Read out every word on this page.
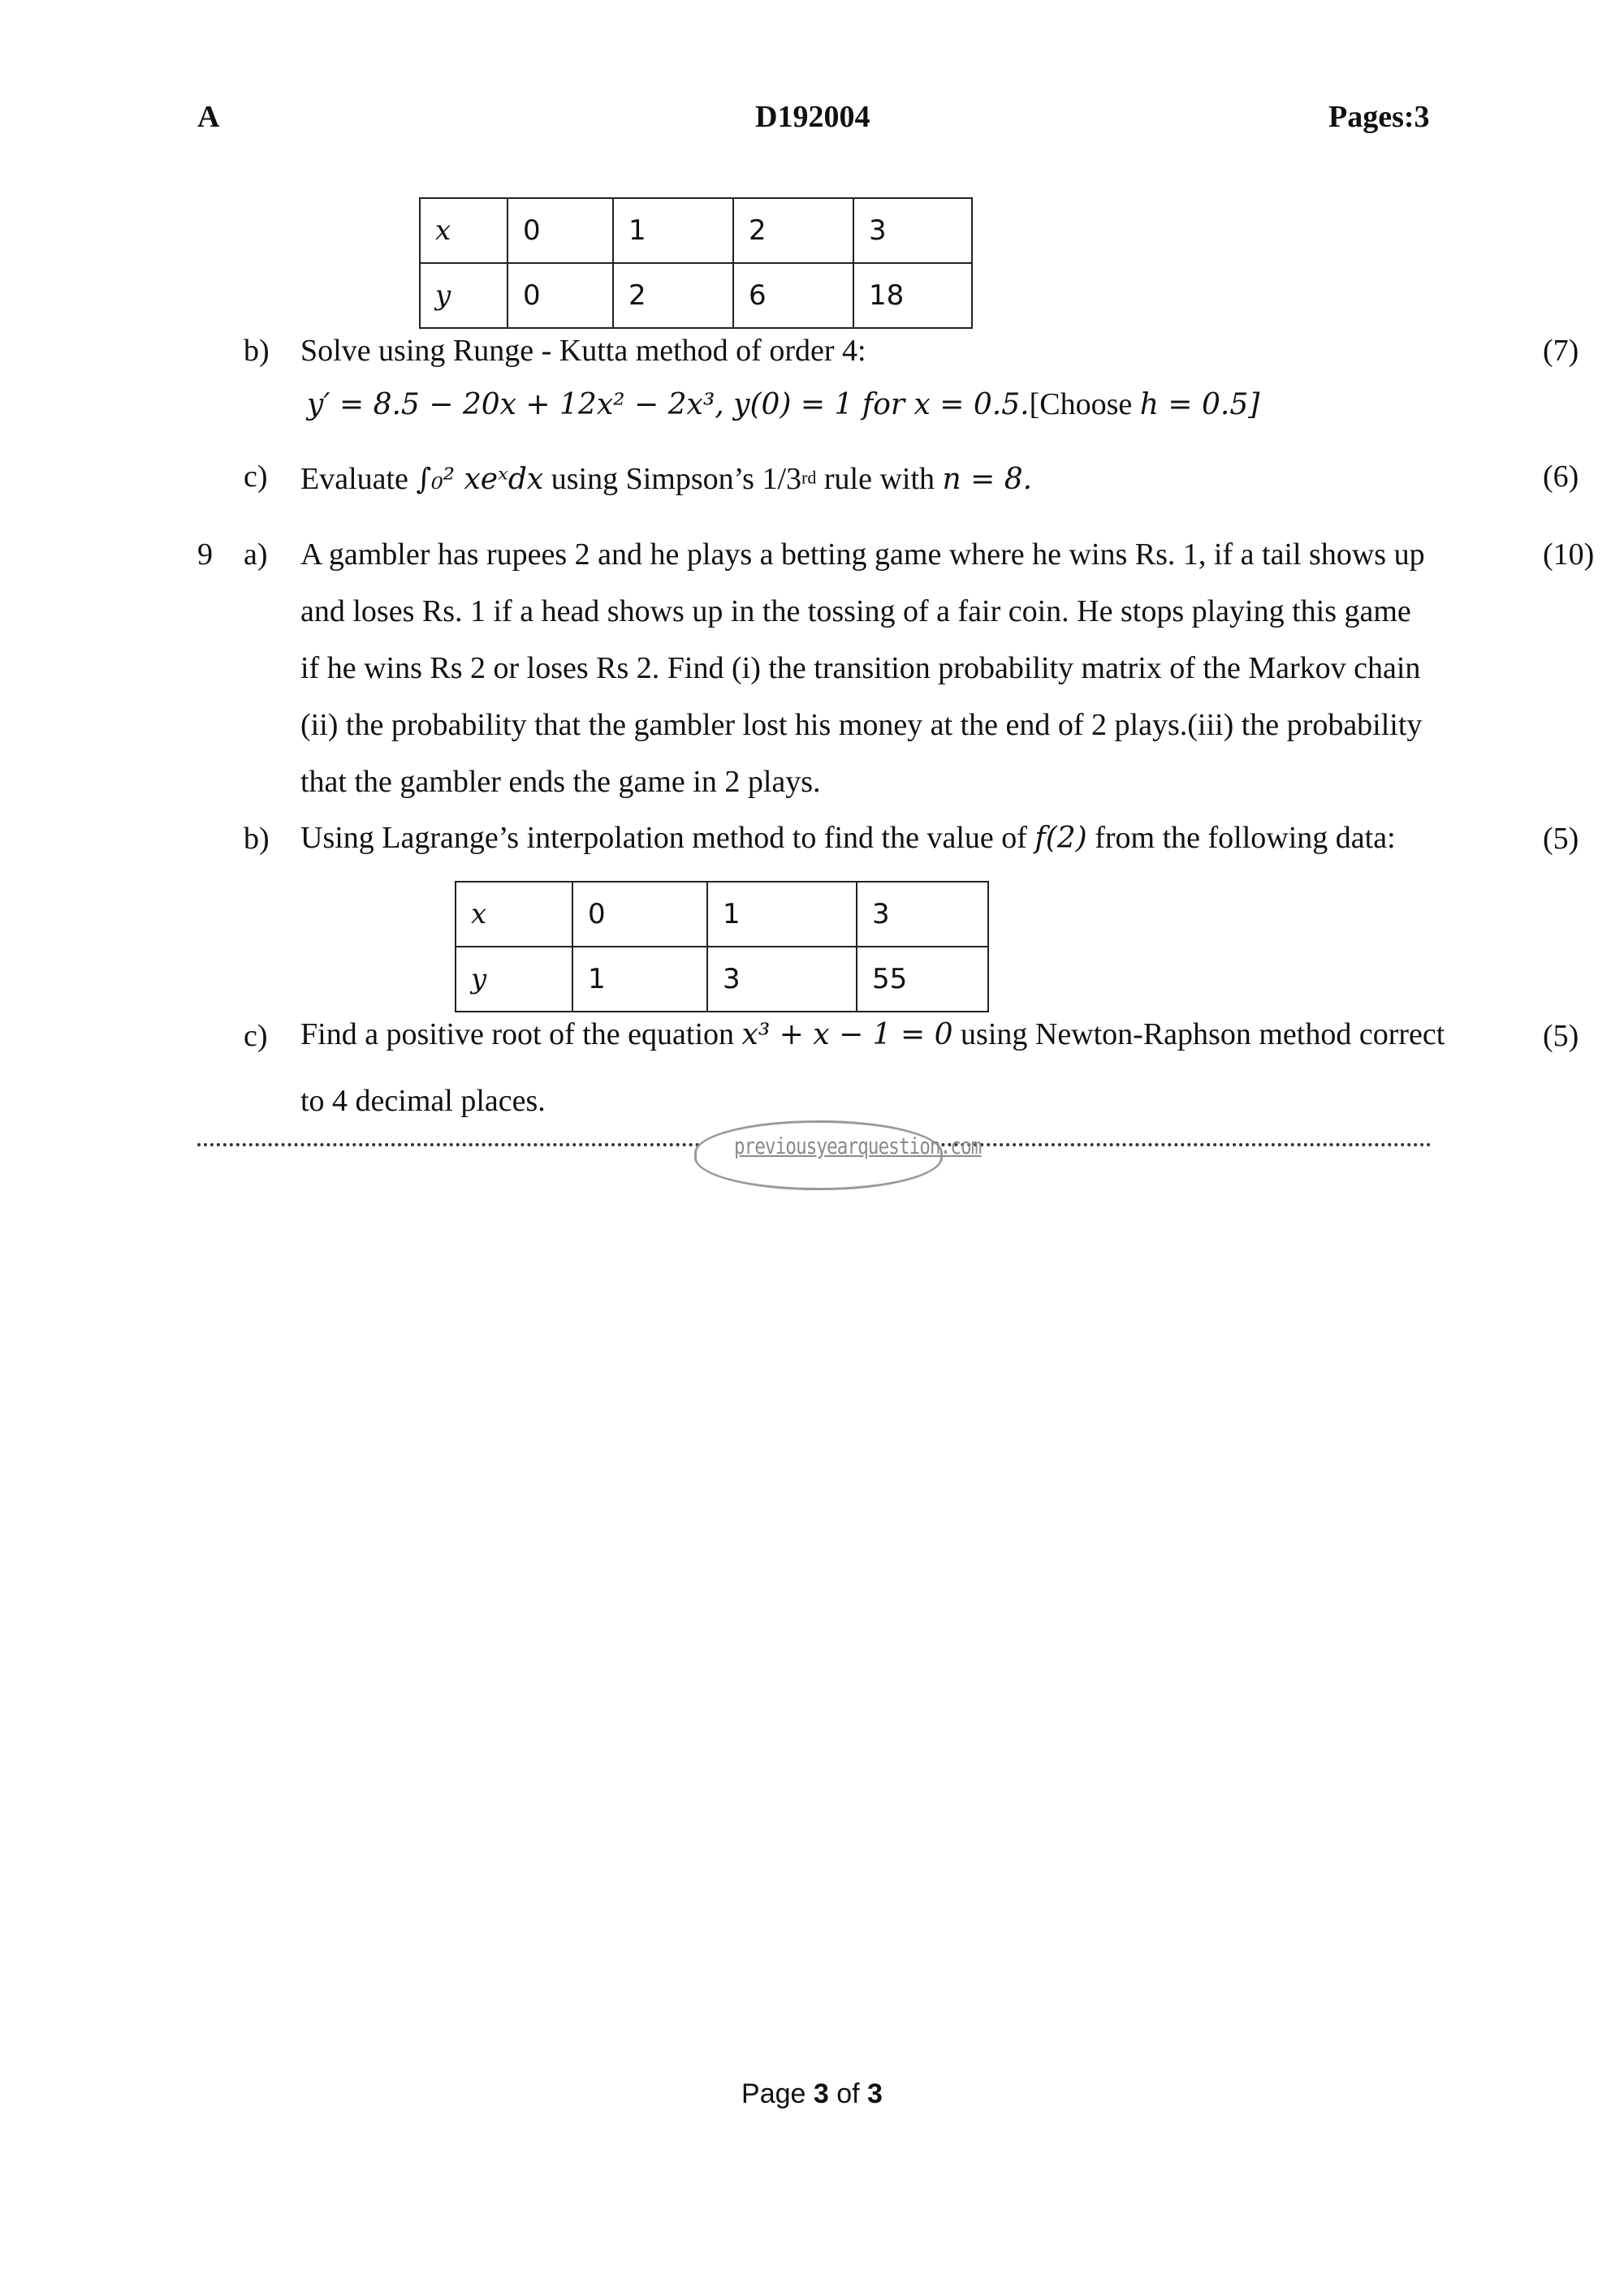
A	D192004	Pages:3
x	0	1	2	3
y	0	2	6	18
b) Solve using Runge - Kutta method of order 4:	(7)
y′ = 8.5 − 20x + 12x² − 2x³, y(0) = 1 for x = 0.5.[Choose h = 0.5]
c) Evaluate ∫₀² xeˣdx using Simpson’s 1/3rd rule with n = 8.	(6)
9 a)	(10)
A gambler has rupees 2 and he plays a betting game where he wins Rs. 1, if a tail shows up
and loses Rs. 1 if a head shows up in the tossing of a fair coin. He stops playing this game
if he wins Rs 2 or loses Rs 2. Find (i) the transition probability matrix of the Markov chain
(ii) the probability that the gambler lost his money at the end of 2 plays.(iii) the probability
that the gambler ends the game in 2 plays.
b) Using Lagrange’s interpolation method to find the value of f(2) from the following data:	(5)
x	0	1	3
y	1	3	55
c) Find a positive root of the equation x³ + x − 1 = 0 using Newton-Raphson method correct	(5)
to 4 decimal places.
previousyearquestion.com
Page 3 of 3
